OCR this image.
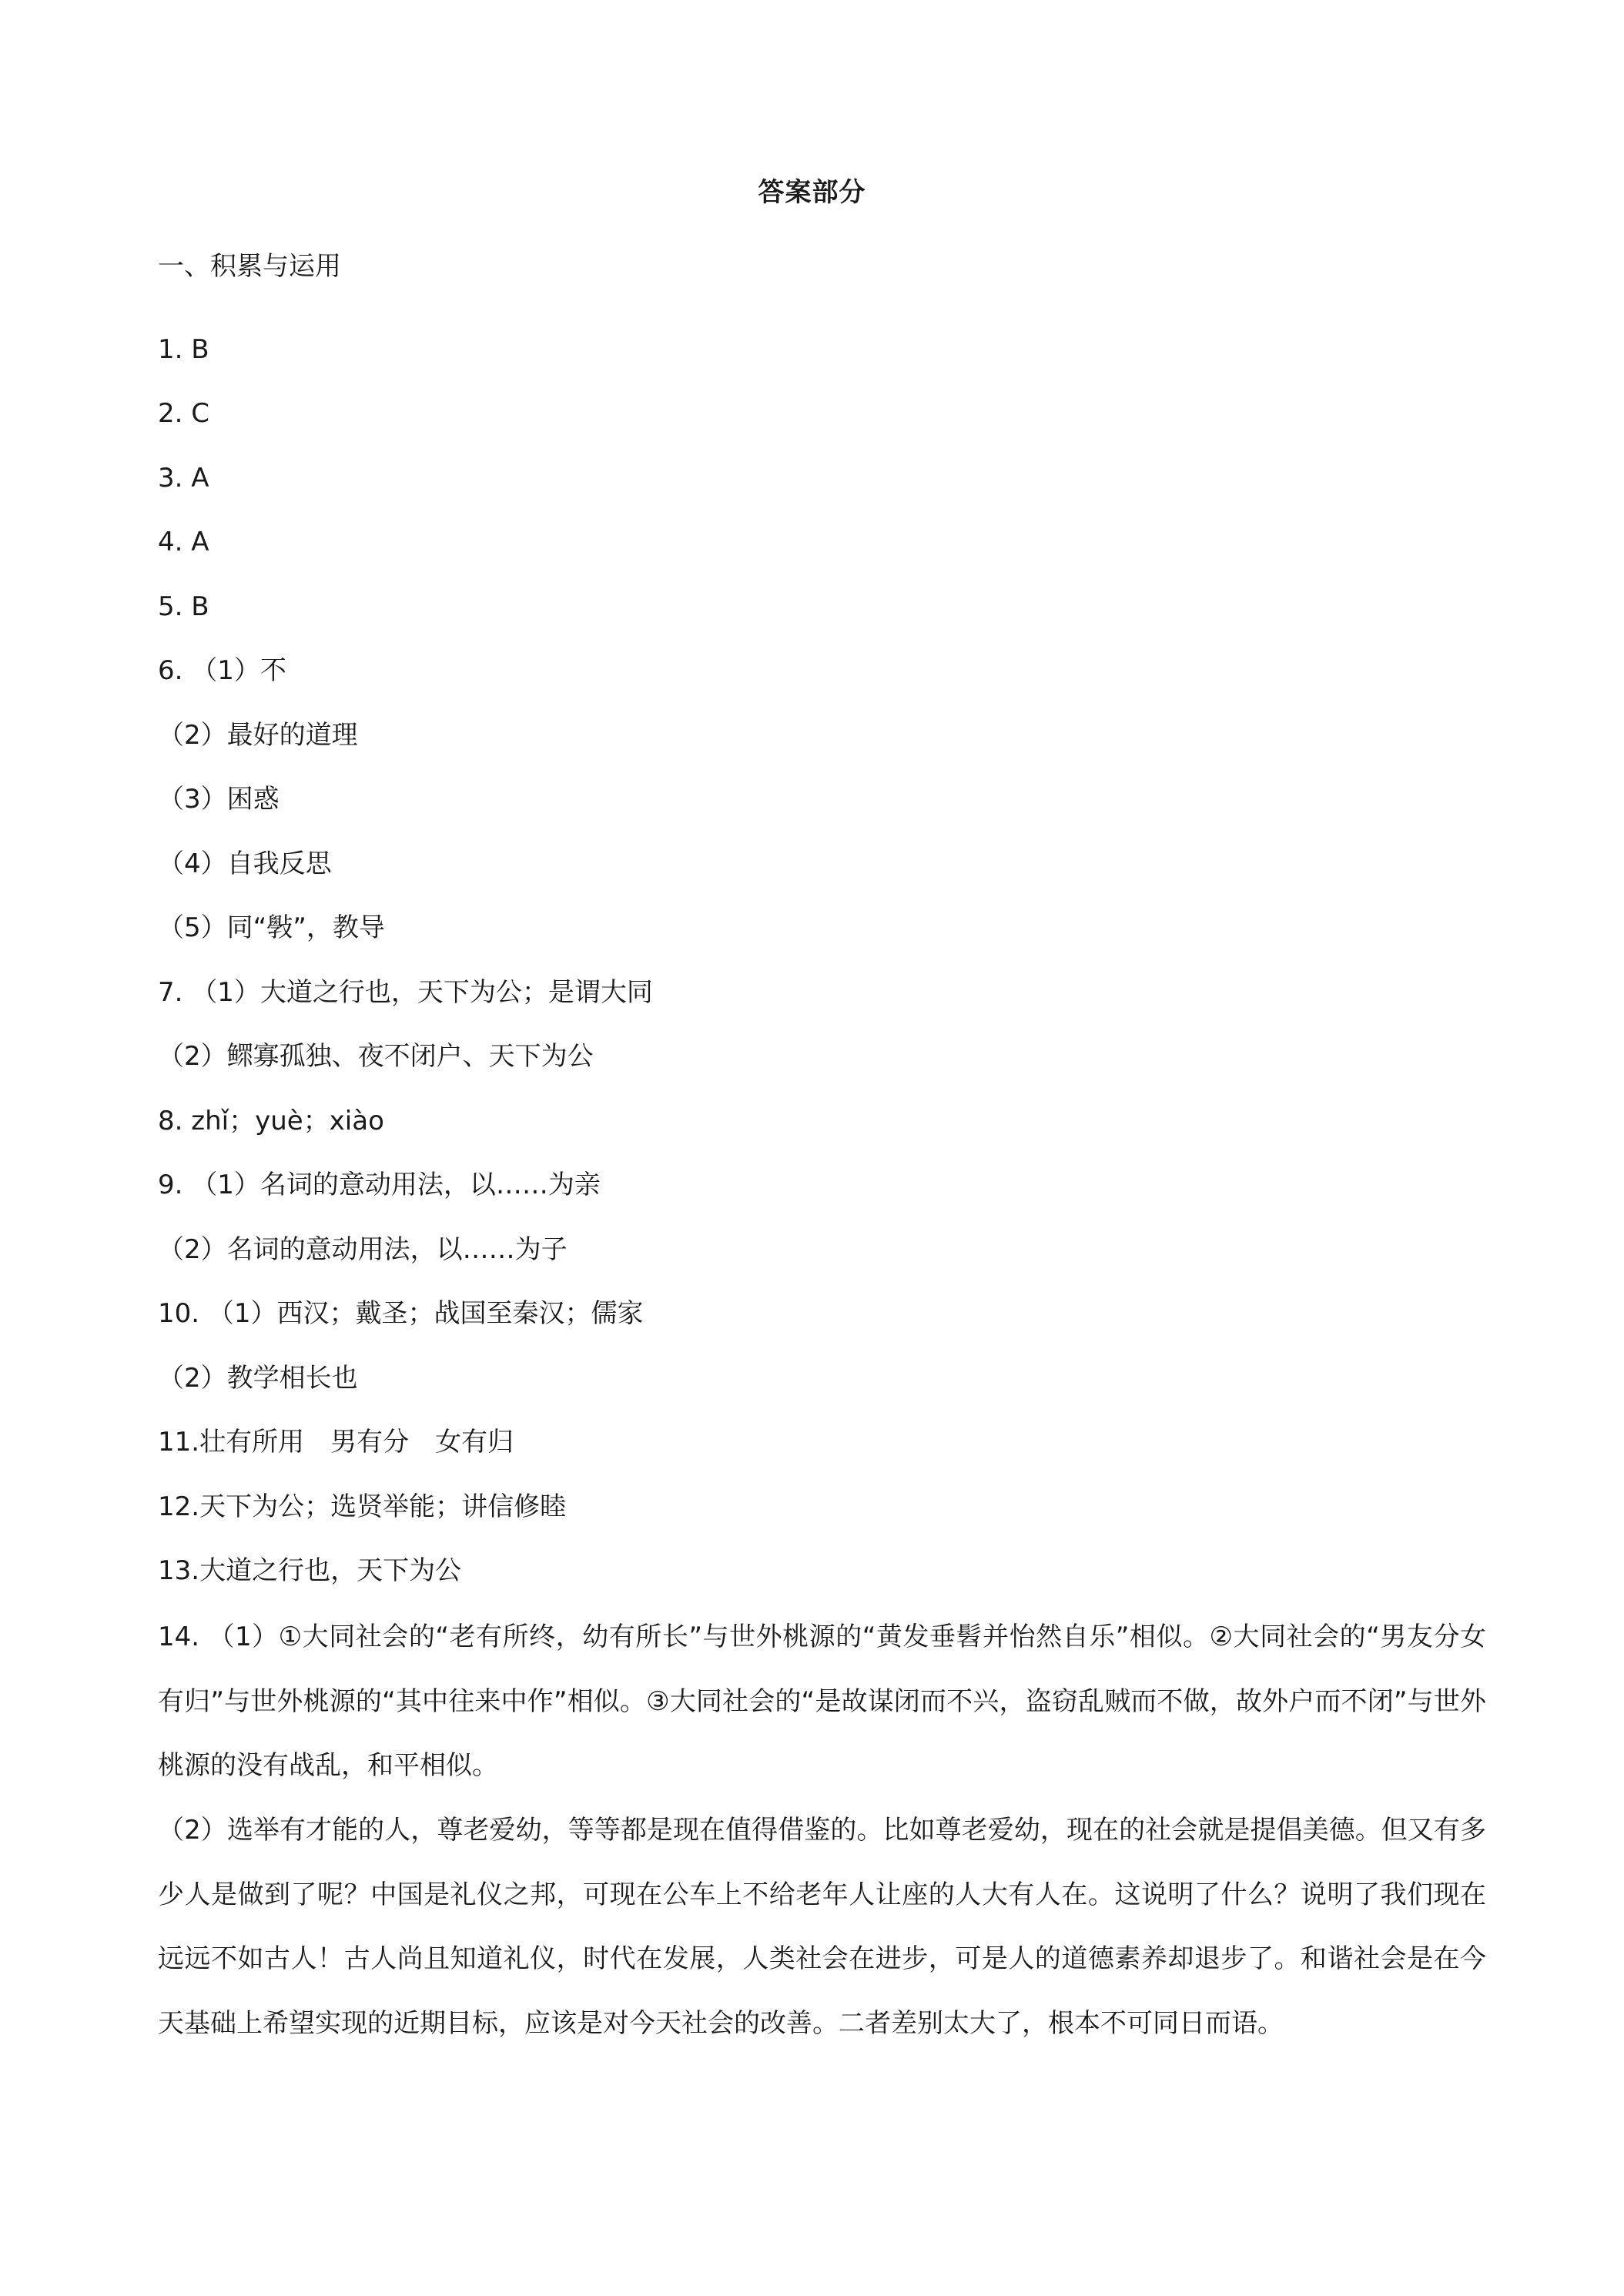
答案部分
一、积累与运用
1. B
2. C
3. A
4. A
5. B
6. （1）不
（2）最好的道理
（3）困惑
（4）自我反思
（5）同“斅”，教导
7. （1）大道之行也，天下为公；是谓大同
（2）鳏寡孤独、夜不闭户、天下为公
8. zhǐ；yuè；xiào
9. （1）名词的意动用法，以……为亲
（2）名词的意动用法，以……为子
10. （1）西汉；戴圣；战国至秦汉；儒家
（2）教学相长也
11.壮有所用　男有分　女有归
12.天下为公；选贤举能；讲信修睦
13.大道之行也，天下为公
14. （1）①大同社会的“老有所终，幼有所长”与世外桃源的“黄发垂髫并怡然自乐”相似。②大同社会的“男友分女有归”与世外桃源的“其中往来中作”相似。③大同社会的“是故谋闭而不兴，盗窃乱贼而不做，故外户而不闭”与世外桃源的没有战乱，和平相似。
（2）选举有才能的人，尊老爱幼，等等都是现在值得借鉴的。比如尊老爱幼，现在的社会就是提倡美德。但又有多少人是做到了呢？中国是礼仪之邦，可现在公车上不给老年人让座的人大有人在。这说明了什么？说明了我们现在远远不如古人！古人尚且知道礼仪，时代在发展，人类社会在进步，可是人的道德素养却退步了。和谐社会是在今天基础上希望实现的近期目标，应该是对今天社会的改善。二者差别太大了，根本不可同日而语。
